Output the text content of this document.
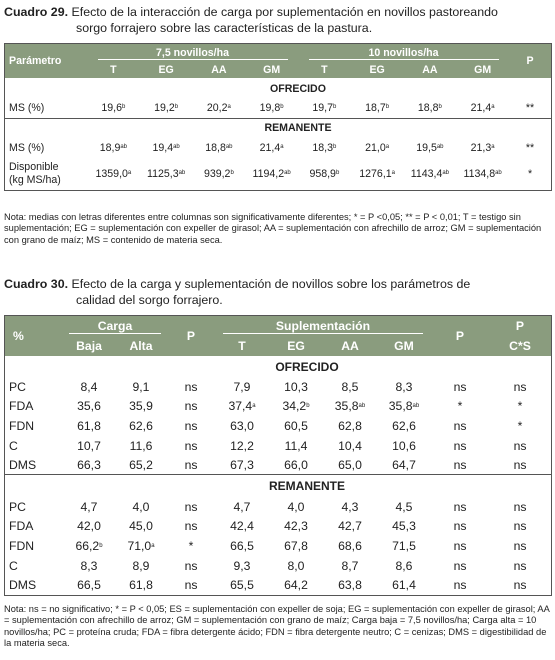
Cuadro 29. Efecto de la interacción de carga por suplementación en novillos pastoreando
sorgo forrajero sobre las características de la pastura.
Parámetro	7,5 novillos/ha				10 novillos/ha				P
	T	EG	AA	GM	T	EG	AA	GM	
	OFRECIDO								
MS (%)	19,6$^b$	19,2$^b$	20,2$^a$	19,8$^b$	19,7$^b$	18,7$^b$	18,8$^b$	21,4$^a$	**
	REMANENTE								
MS (%)	18,9$^{ab}$	19,4$^{ab}$	18,8$^{ab}$	21,4$^a$	18,3$^b$	21,0$^a$	19,5$^{ab}$	21,3$^a$	**
Disponible
(kg MS/ha)	1359,0$^a$	1125,3$^{ab}$	939,2$^b$	1194,2$^{ab}$	958,9$^b$	1276,1$^a$	1143,4$^{ab}$	1134,8$^{ab}$	*
Nota: medias con letras diferentes entre columnas son significativamente diferentes; * = P <0,05; ** = P < 0,01; T = testigo sin suplementación; EG = suplementación con expeller de girasol; AA = suplementación con afrechillo de arroz; GM = suplementación con grano de maíz; MS = contenido de materia seca.
Cuadro 30. Efecto de la carga y suplementación de novillos sobre los parámetros de
calidad del sorgo forrajero.
%	Carga		P	Suplementación				P	P
	Baja	Alta		T	EG	AA	GM		C*S
	OFRECIDO								
PC	8,4	9,1	ns	7,9	10,3	8,5	8,3	ns	ns
FDA	35,6	35,9	ns	37,4$^a$	34,2$^b$	35,8$^{ab}$	35,8$^{ab}$	*	*
FDN	61,8	62,6	ns	63,0	60,5	62,8	62,6	ns	*
C	10,7	11,6	ns	12,2	11,4	10,4	10,6	ns	ns
DMS	66,3	65,2	ns	67,3	66,0	65,0	64,7	ns	ns
	REMANENTE								
PC	4,7	4,0	ns	4,7	4,0	4,3	4,5	ns	ns
FDA	42,0	45,0	ns	42,4	42,3	42,7	45,3	ns	ns
FDN	66,2$^b$	71,0$^a$	*	66,5	67,8	68,6	71,5	ns	ns
C	8,3	8,9	ns	9,3	8,0	8,7	8,6	ns	ns
DMS	66,5	61,8	ns	65,5	64,2	63,8	61,4	ns	ns
Nota: ns = no significativo; * = P < 0,05; ES = suplementación con expeller de soja; EG = suplementación con expeller de girasol; AA = suplementación con afrechillo de arroz; GM = suplementación con grano de maíz; Carga baja = 7,5 novillos/ha; Carga alta = 10 novillos/ha; PC = proteína cruda; FDA = fibra detergente ácido; FDN = fibra detergente neutro; C = cenizas; DMS = digestibilidad de la materia seca.
